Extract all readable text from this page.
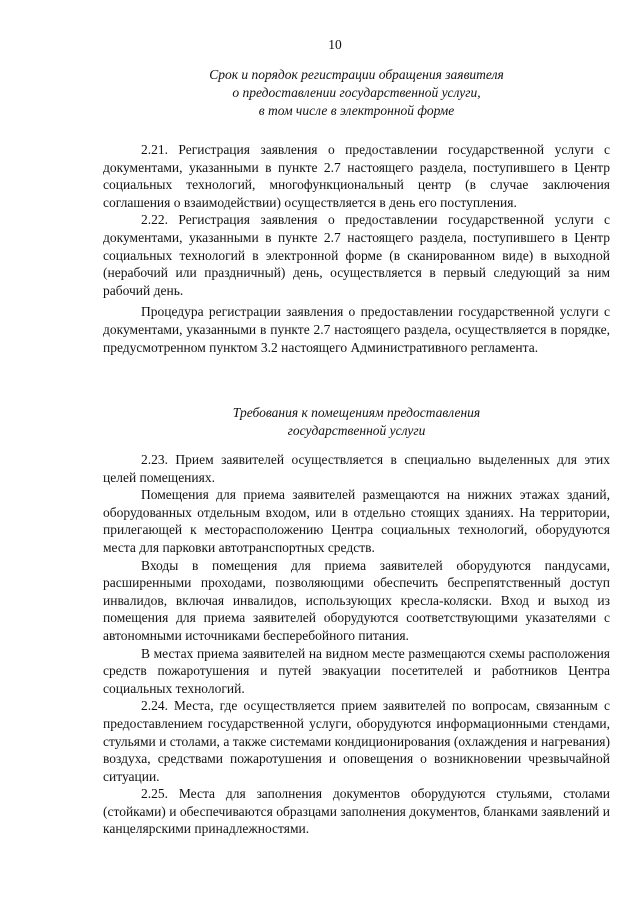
10
Срок и порядок регистрации обращения заявителя
о предоставлении государственной услуги,
в том числе в электронной форме

2.21. Регистрация заявления о предоставлении государственной услуги с документами, указанными в пункте 2.7 настоящего раздела, поступившего в Центр социальных технологий, многофункциональный центр (в случае заключения соглашения о взаимодействии) осуществляется в день его поступления.

2.22. Регистрация заявления о предоставлении государственной услуги с документами, указанными в пункте 2.7 настоящего раздела, поступившего в Центр социальных технологий в электронной форме (в сканированном виде) в выходной (нерабочий или праздничный) день, осуществляется в первый следующий за ним рабочий день.

Процедура регистрации заявления о предоставлении государственной услуги с документами, указанными в пункте 2.7 настоящего раздела, осуществляется в порядке, предусмотренном пунктом 3.2 настоящего Административного регламента.

Требования к помещениям предоставления
государственной услуги

2.23. Прием заявителей осуществляется в специально выделенных для этих целей помещениях.

Помещения для приема заявителей размещаются на нижних этажах зданий, оборудованных отдельным входом, или в отдельно стоящих зданиях. На территории, прилегающей к месторасположению Центра социальных технологий, оборудуются места для парковки автотранспортных средств.

Входы в помещения для приема заявителей оборудуются пандусами, расширенными проходами, позволяющими обеспечить беспрепятственный доступ инвалидов, включая инвалидов, использующих кресла-коляски. Вход и выход из помещения для приема заявителей оборудуются соответствующими указателями с автономными источниками бесперебойного питания.

В местах приема заявителей на видном месте размещаются схемы расположения средств пожаротушения и путей эвакуации посетителей и работников Центра социальных технологий.

2.24. Места, где осуществляется прием заявителей по вопросам, связанным с предоставлением государственной услуги, оборудуются информационными стендами, стульями и столами, а также системами кондиционирования (охлаждения и нагревания) воздуха, средствами пожаротушения и оповещения о возникновении чрезвычайной ситуации.

2.25. Места для заполнения документов оборудуются стульями, столами (стойками) и обеспечиваются образцами заполнения документов, бланками заявлений и канцелярскими принадлежностями.
